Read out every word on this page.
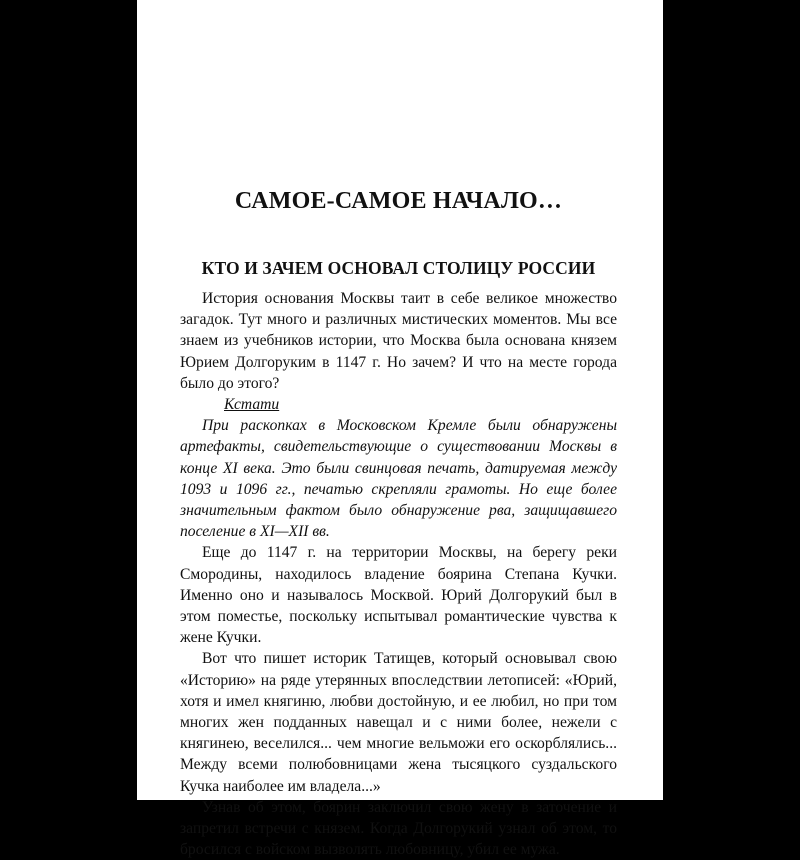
САМОЕ-САМОЕ НАЧАЛО…
КТО И ЗАЧЕМ ОСНОВАЛ СТОЛИЦУ РОССИИ

История основания Москвы таит в себе великое множество загадок. Тут много и различных мистических моментов. Мы все знаем из учебников истории, что Москва была основана князем Юрием Долгоруким в 1147 г. Но зачем? И что на месте города было до этого?

Кстати

При раскопках в Московском Кремле были обнаружены артефакты, свидетельствующие о существовании Москвы в конце XI века. Это были свинцовая печать, датируемая между 1093 и 1096 гг., печатью скрепляли грамоты. Но еще более значительным фактом было обнаружение рва, защищавшего поселение в XI—XII вв.

Еще до 1147 г. на территории Москвы, на берегу реки Смородины, находилось владение боярина Степана Кучки. Именно оно и называлось Москвой. Юрий Долгорукий был в этом поместье, поскольку испытывал романтические чувства к жене Кучки.

Вот что пишет историк Татищев, который основывал свою «Историю» на ряде утерянных впоследствии летописей: «Юрий, хотя и имел княгиню, любви достойную, и ее любил, но при том многих жен подданных навещал и с ними более, нежели с княгинею, веселился... чем многие вельможи его оскорблялись... Между всеми полюбовницами жена тысяцкого суздальского Кучка наиболее им владела...»

Узнав об этом, боярин заключил свою жену в заточение и запретил встречи с князем. Когда Долгорукий узнал об этом, то бросился с войском вызволять любовницу, убил ее мужа.
